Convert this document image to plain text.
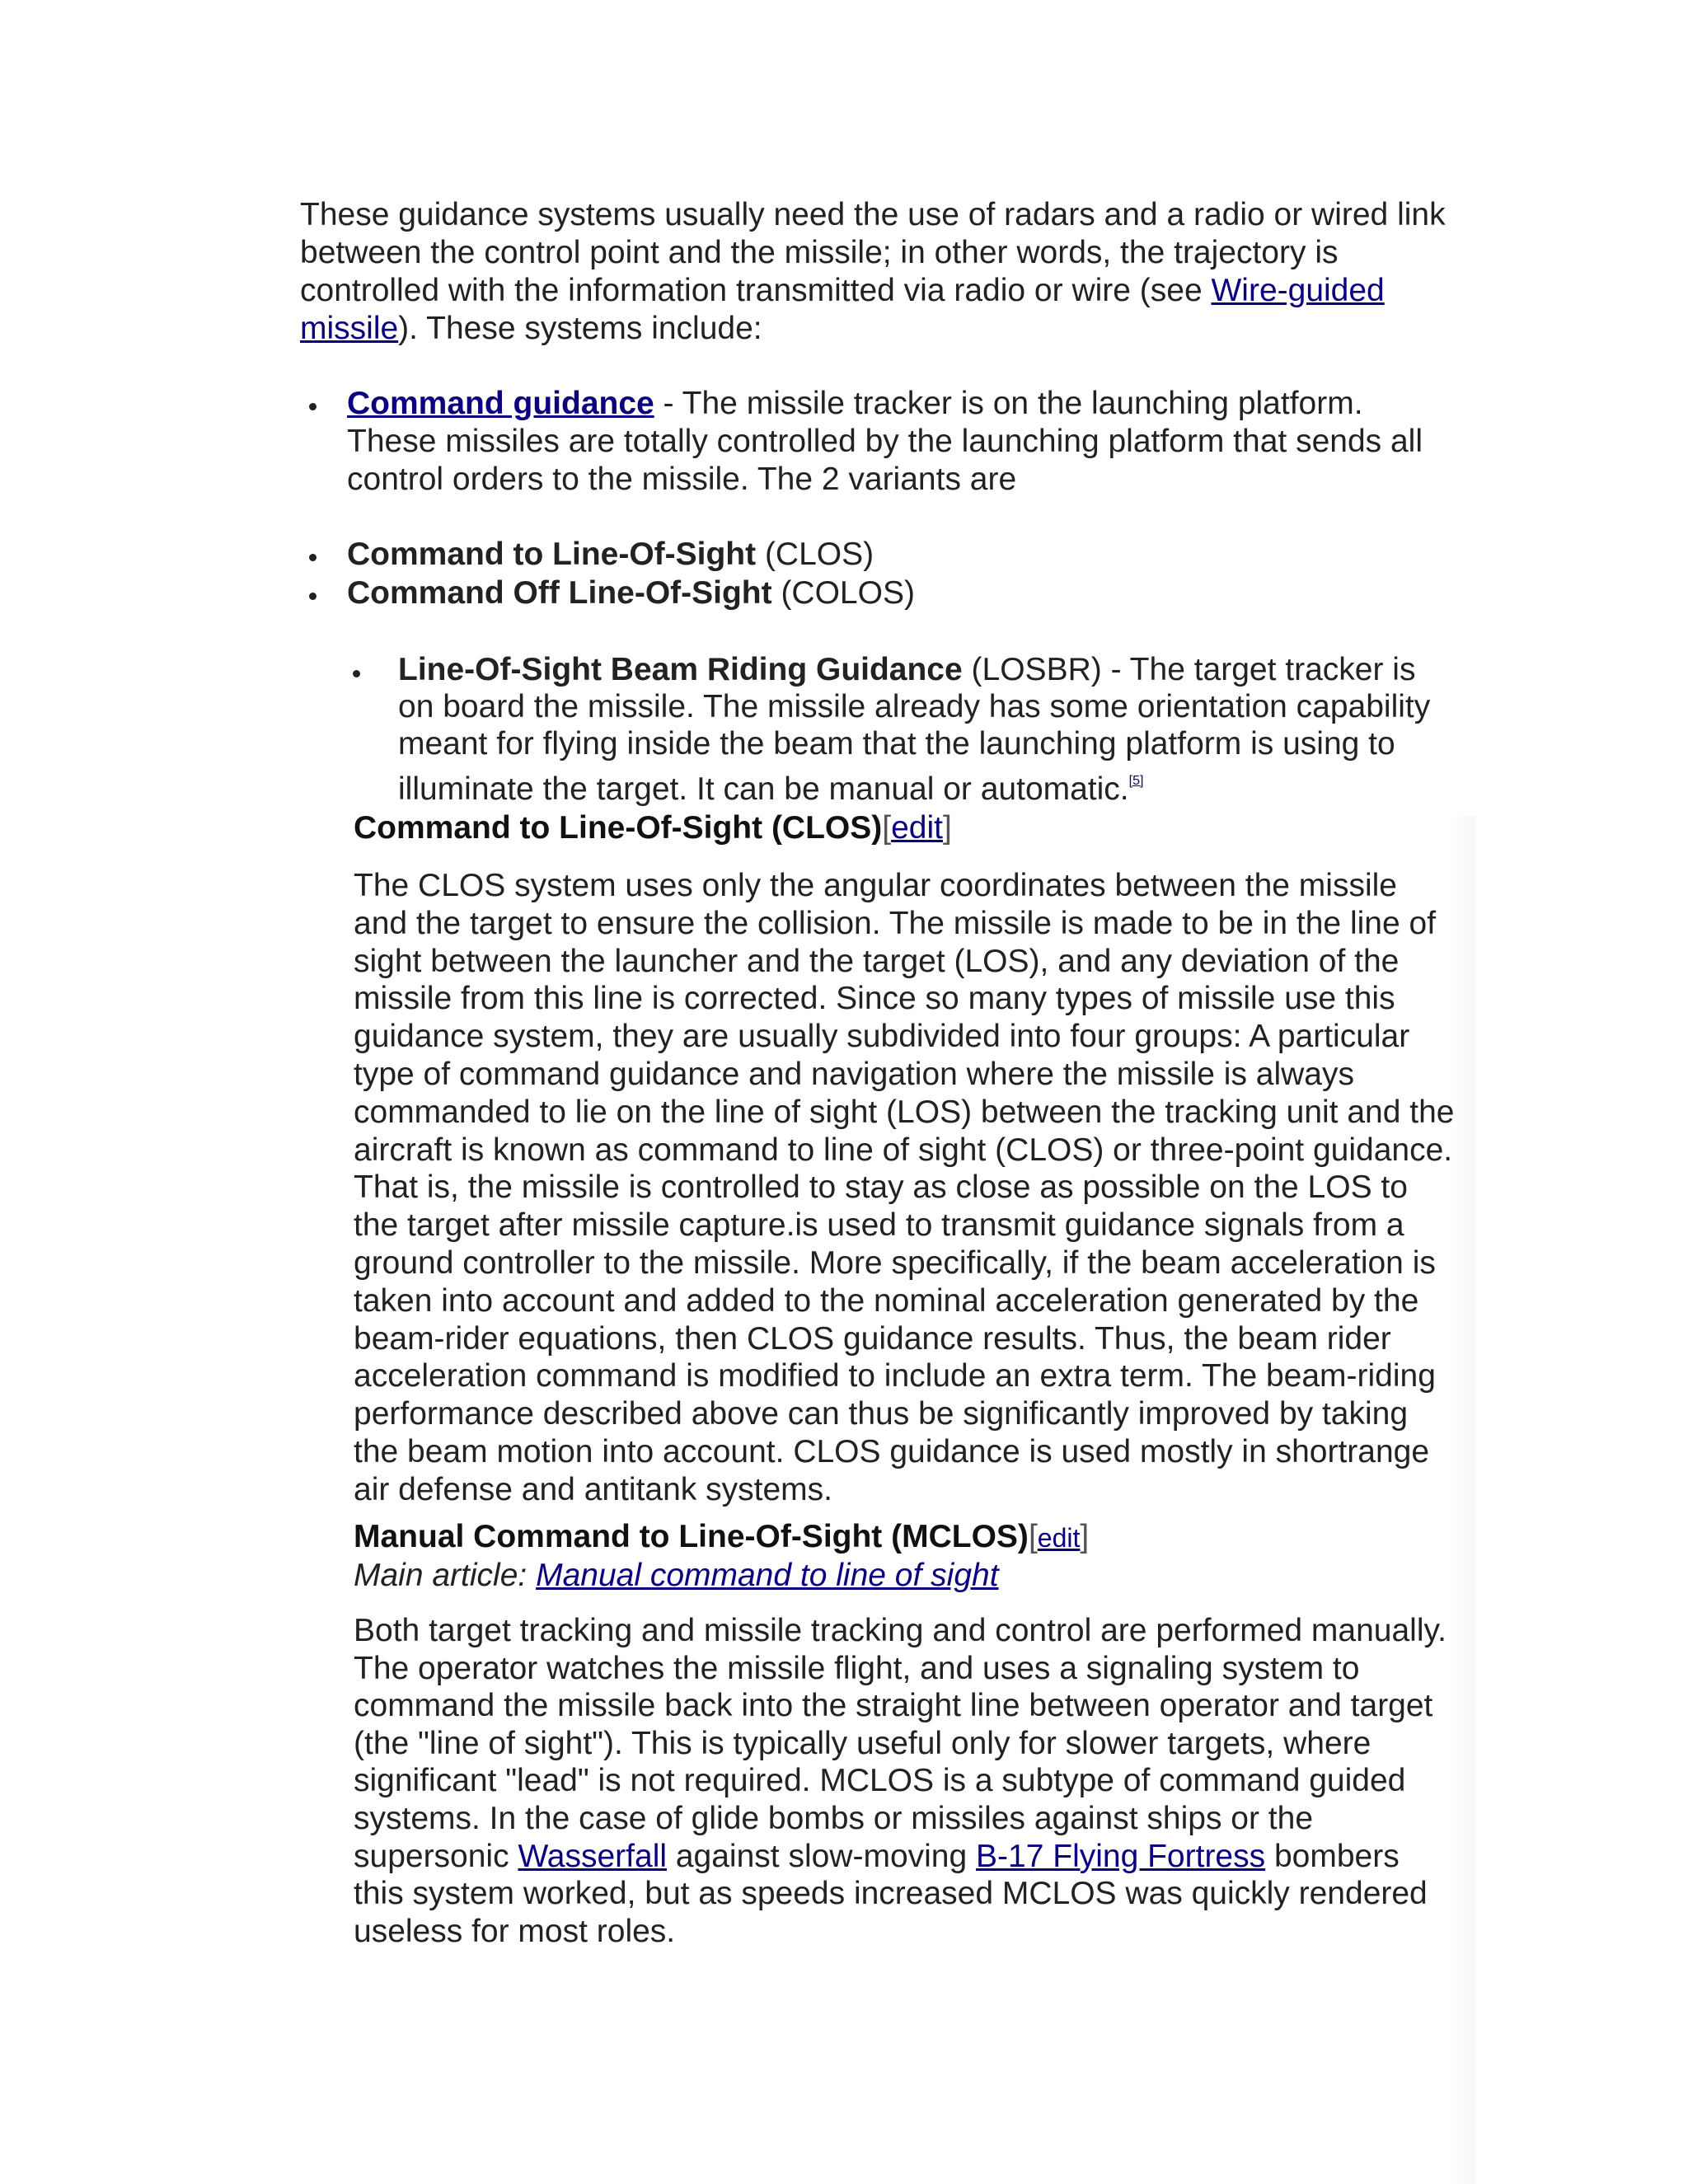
These guidance systems usually need the use of radars and a radio or wired link between the control point and the missile; in other words, the trajectory is controlled with the information transmitted via radio or wire (see Wire-guided missile). These systems include:

Command guidance - The missile tracker is on the launching platform. These missiles are totally controlled by the launching platform that sends all control orders to the missile. The 2 variants are
Command to Line-Of-Sight (CLOS)
Command Off Line-Of-Sight (COLOS)
Line-Of-Sight Beam Riding Guidance (LOSBR) - The target tracker is on board the missile. The missile already has some orientation capability meant for flying inside the beam that the launching platform is using to illuminate the target. It can be manual or automatic.[5]
Command to Line-Of-Sight (CLOS)[edit]

The CLOS system uses only the angular coordinates between the missile and the target to ensure the collision. The missile is made to be in the line of sight between the launcher and the target (LOS), and any deviation of the missile from this line is corrected. Since so many types of missile use this guidance system, they are usually subdivided into four groups: A particular type of command guidance and navigation where the missile is always commanded to lie on the line of sight (LOS) between the tracking unit and the aircraft is known as command to line of sight (CLOS) or three-point guidance. That is, the missile is controlled to stay as close as possible on the LOS to the target after missile capture.is used to transmit guidance signals from a ground controller to the missile. More specifically, if the beam acceleration is taken into account and added to the nominal acceleration generated by the beam-rider equations, then CLOS guidance results. Thus, the beam rider acceleration command is modified to include an extra term. The beam-riding performance described above can thus be significantly improved by taking the beam motion into account. CLOS guidance is used mostly in shortrange air defense and antitank systems.

Manual Command to Line-Of-Sight (MCLOS)[edit]
Main article: Manual command to line of sight

Both target tracking and missile tracking and control are performed manually. The operator watches the missile flight, and uses a signaling system to command the missile back into the straight line between operator and target (the "line of sight"). This is typically useful only for slower targets, where significant "lead" is not required. MCLOS is a subtype of command guided systems. In the case of glide bombs or missiles against ships or the supersonic Wasserfall against slow-moving B-17 Flying Fortress bombers this system worked, but as speeds increased MCLOS was quickly rendered useless for most roles.
